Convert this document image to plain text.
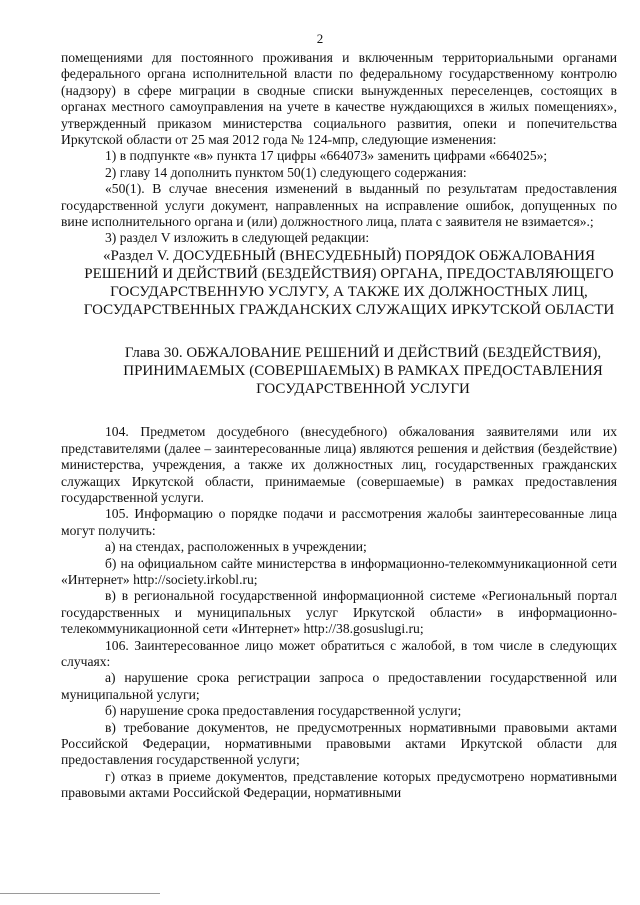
2

помещениями для постоянного проживания и включенным территориальными органами федерального органа исполнительной власти по федеральному государственному контролю (надзору) в сфере миграции в сводные списки вынужденных переселенцев, состоящих в органах местного самоуправления на учете в качестве нуждающихся в жилых помещениях», утвержденный приказом министерства социального развития, опеки и попечительства Иркутской области от 25 мая 2012 года № 124-мпр, следующие изменения:

1) в подпункте «в» пункта 17 цифры «664073» заменить цифрами «664025»;

2) главу 14 дополнить пунктом 50(1) следующего содержания:

«50(1). В случае внесения изменений в выданный по результатам предоставления государственной услуги документ, направленных на исправление ошибок, допущенных по вине исполнительного органа и (или) должностного лица, плата с заявителя не взимается».;

3) раздел V изложить в следующей редакции:

«Раздел V. ДОСУДЕБНЫЙ (ВНЕСУДЕБНЫЙ) ПОРЯДОК ОБЖАЛОВАНИЯ РЕШЕНИЙ И ДЕЙСТВИЙ (БЕЗДЕЙСТВИЯ) ОРГАНА, ПРЕДОСТАВЛЯЮЩЕГО ГОСУДАРСТВЕННУЮ УСЛУГУ, А ТАКЖЕ ИХ ДОЛЖНОСТНЫХ ЛИЦ, ГОСУДАРСТВЕННЫХ ГРАЖДАНСКИХ СЛУЖАЩИХ ИРКУТСКОЙ ОБЛАСТИ

Глава 30. ОБЖАЛОВАНИЕ РЕШЕНИЙ И ДЕЙСТВИЙ (БЕЗДЕЙСТВИЯ), ПРИНИМАЕМЫХ (СОВЕРШАЕМЫХ) В РАМКАХ ПРЕДОСТАВЛЕНИЯ ГОСУДАРСТВЕННОЙ УСЛУГИ

104. Предметом досудебного (внесудебного) обжалования заявителями или их представителями (далее – заинтересованные лица) являются решения и действия (бездействие) министерства, учреждения, а также их должностных лиц, государственных гражданских служащих Иркутской области, принимаемые (совершаемые) в рамках предоставления государственной услуги.

105. Информацию о порядке подачи и рассмотрения жалобы заинтересованные лица могут получить:

а) на стендах, расположенных в учреждении;

б) на официальном сайте министерства в информационно-телекоммуникационной сети «Интернет» http://society.irkobl.ru;

в) в региональной государственной информационной системе «Региональный портал государственных и муниципальных услуг Иркутской области» в информационно-телекоммуникационной сети «Интернет» http://38.gosuslugi.ru;

106. Заинтересованное лицо может обратиться с жалобой, в том числе в следующих случаях:

а) нарушение срока регистрации запроса о предоставлении государственной или муниципальной услуги;

б) нарушение срока предоставления государственной услуги;

в) требование документов, не предусмотренных нормативными правовыми актами Российской Федерации, нормативными правовыми актами Иркутской области для предоставления государственной услуги;

г) отказ в приеме документов, представление которых предусмотрено нормативными правовыми актами Российской Федерации, нормативными
